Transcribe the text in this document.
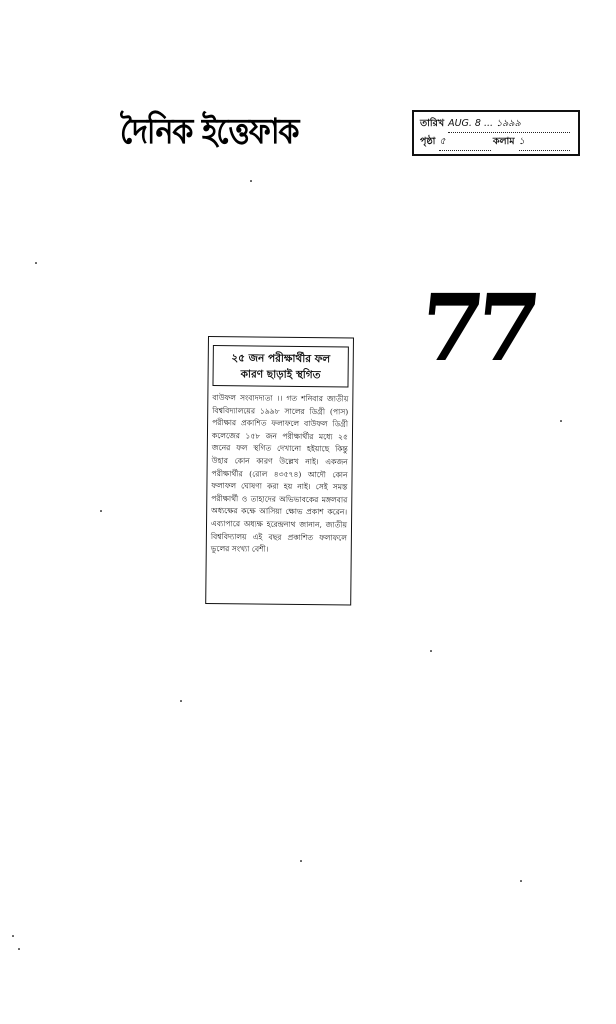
দৈনিক ইত্তেফাক	তারিখ AUG. 8 ... ১৯৯৯
পৃষ্ঠা ৫	কলাম ১
77
২৫ জন পরীক্ষার্থীর ফল
কারণ ছাড়াই স্থগিত
বাউফল সংবাদদাতা ।। গত শনিবার জাতীয় বিশ্ববিদ্যালয়ের ১৯৯৮ সালের ডিগ্রী (পাস) পরীক্ষার প্রকাশিত ফলাফলে বাউফল ডিগ্রী কলেজের ১৫৮ জন পরীক্ষার্থীর মধ্যে ২৫ জনের ফল স্থগিত দেখানো হইয়াছে কিন্তু উহার কোন কারণ উল্লেখ নাই। একজন পরীক্ষার্থীর (রোল ৪৩৫৭৪) আদৌ কোন ফলাফল ঘোষণা করা হয় নাই। সেই সমস্ত পরীক্ষার্থী ও তাহাদের অভিভাবকের মঙ্গলবার অধ্যক্ষের কক্ষে আসিয়া ক্ষোভ প্রকাশ করেন। এব্যাপারে অধ্যক্ষ হরেন্দ্রনাথ জানান, জাতীয় বিশ্ববিদ্যালয় এই বছর প্রকাশিত ফলাফলে ভুলের সংখ্যা বেশী।
